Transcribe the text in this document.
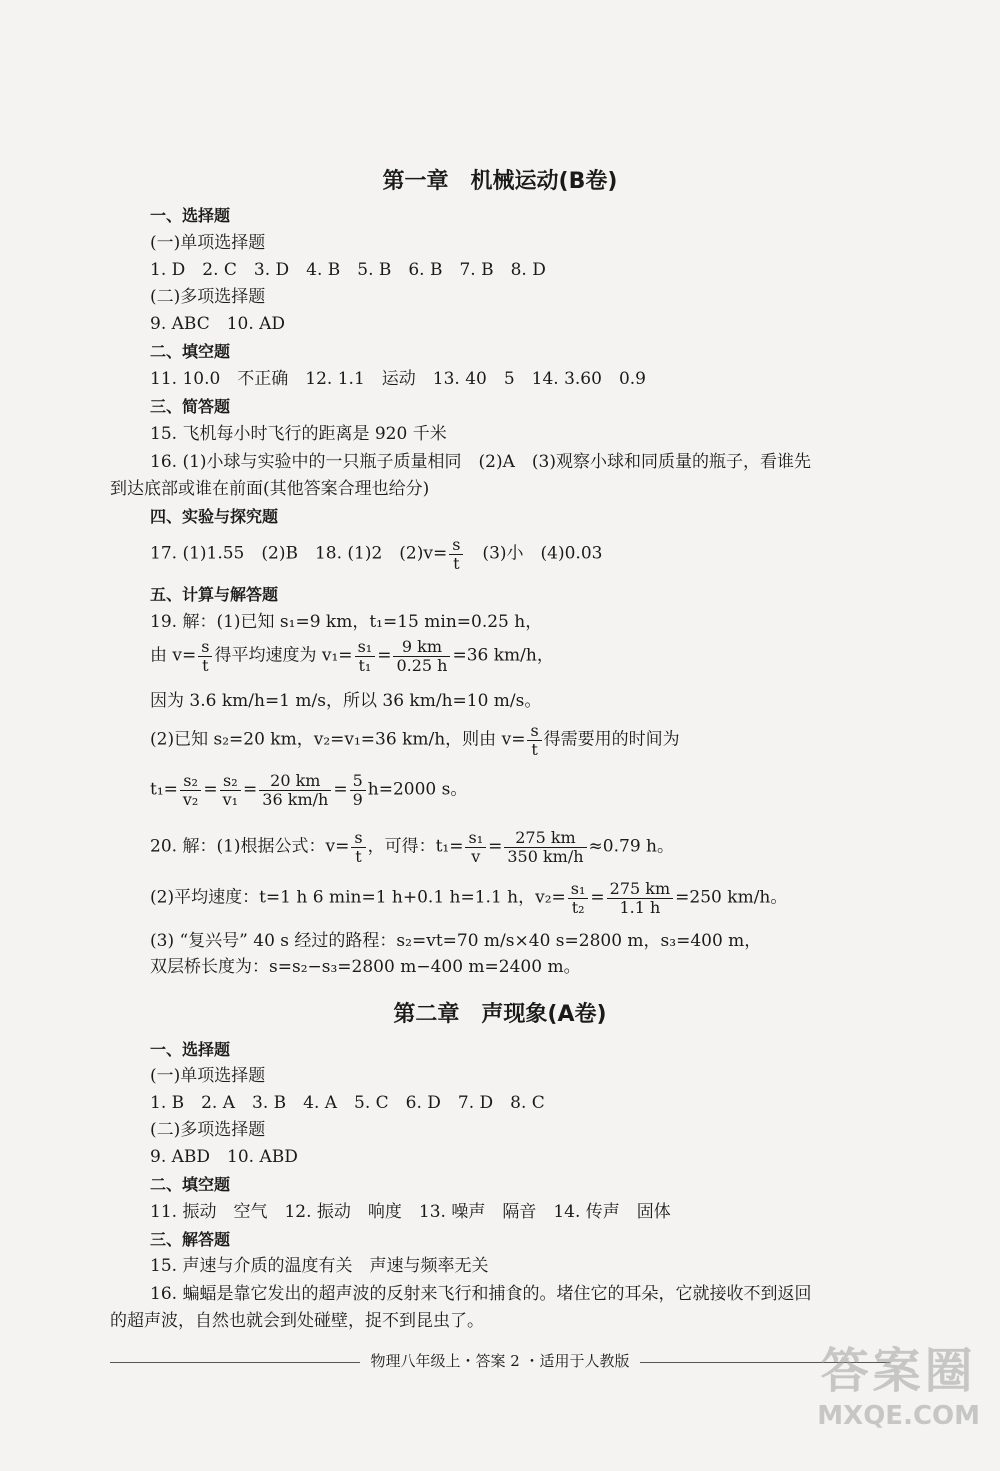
第一章　机械运动(B卷)
一、选择题
(一)单项选择题
1. D　2. C　3. D　4. B　5. B　6. B　7. B　8. D
(二)多项选择题
9. ABC　10. AD
二、填空题
11. 10.0　不正确　12. 1.1　运动　13. 40　5　14. 3.60　0.9
三、简答题
15. 飞机每小时飞行的距离是 920 千米
16. (1)小球与实验中的一只瓶子质量相同　(2)A　(3)观察小球和同质量的瓶子，看谁先
到达底部或谁在前面(其他答案合理也给分)
四、实验与探究题
17. (1)1.55　(2)B　18. (1)2　$(2)v= \frac{s}{t}$ 　(3)小　(4)0.03
五、计算与解答题
19. 解：(1)已知 s₁=9 km，t₁=15 min=0.25 h，
由 $v= \frac{s}{t}$ 得平均速度为 $v_1= \frac{\text{s₁}}{\text{t₁}} = \frac{9 km}{0.25 h} =36$ km/h，
因为 3.6 km/h=1 m/s，所以 36 km/h=10 m/s。
(2)已知 s₂=20 km，v₂=v₁=36 km/h，则由 $v= \frac{s}{t}$ 得需要用的时间为
$t_1= \frac{\text{s₂}}{\text{v₂}} = \frac{\text{s₂}}{\text{v₁}} = \frac{20 km}{36 km/h} = \frac{5}{9} h=2000$ s。
20. 解：(1)根据公式：$v= \frac{s}{t}$ ，可得：$t_1= \frac{\text{s₁}}{v} = \frac{275 km}{350 km/h} \approx 0.79$ h。
(2)平均速度：t=1 h 6 min=1 h+0.1 h=1.1 h，$v_2= \frac{\text{s₁}}{\text{t₂}} = \frac{275 km}{1.1 h} =250$ km/h。
(3) “复兴号” 40 s 经过的路程：s₂=vt=70 m/s×40 s=2800 m，s₃=400 m，
双层桥长度为：s=s₂−s₃=2800 m−400 m=2400 m。
第二章　声现象(A卷)
一、选择题
(一)单项选择题
1. B　2. A　3. B　4. A　5. C　6. D　7. D　8. C
(二)多项选择题
9. ABD　10. ABD
二、填空题
11. 振动　空气　12. 振动　响度　13. 噪声　隔音　14. 传声　固体
三、解答题
15. 声速与介质的温度有关　声速与频率无关
16. 蝙蝠是靠它发出的超声波的反射来飞行和捕食的。堵住它的耳朵，它就接收不到返回
的超声波，自然也就会到处碰壁，捉不到昆虫了。
物理八年级上・答案 2 ・适用于人教版	答案圈
MXQE.COM
